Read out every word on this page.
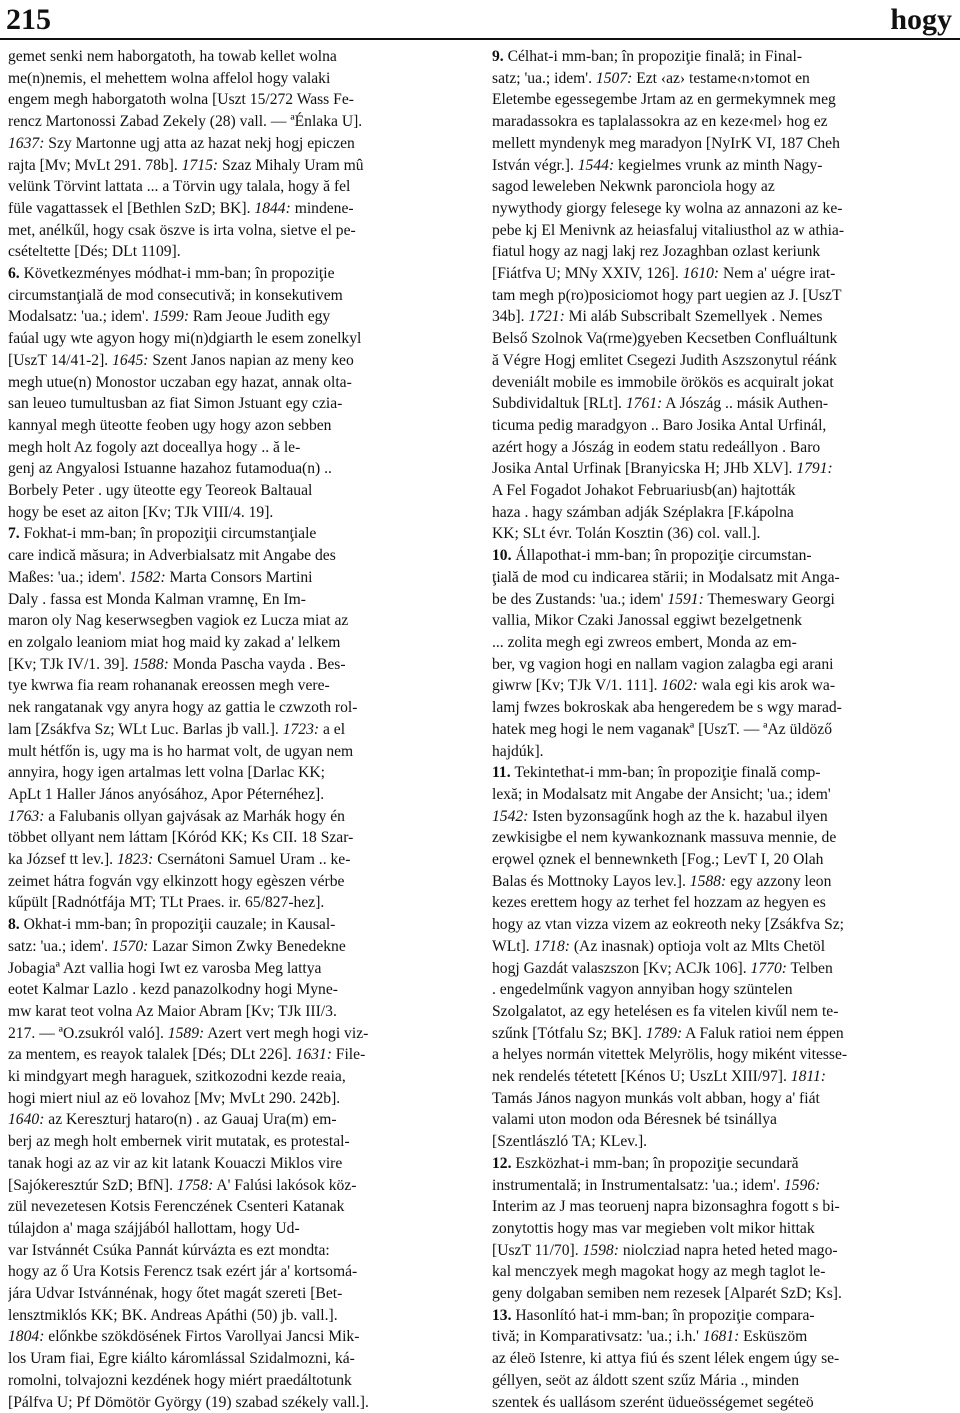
215	hogy
gemet senki nem haborgatoth, ha towab kellet wolna
me(n)nemis, el mehettem wolna affelol hogy valaki
engem megh haborgatoth wolna [Uszt 15/272 Wass Fe-
rencz Martonossi Zabad Zekely (28) vall. — ªÉnlaka U].
1637: Szy Martonne ugj atta az hazat nekj hogj epiczen
rajta [Mv; MvLt 291. 78b]. 1715: Szaz Mihaly Uram mû
velünk Törvint lattata ... a Törvin ugy talala, hogy ă fel
füle vagattassek el [Bethlen SzD; BK]. 1844: mindene-
met, anélkűl, hogy csak öszve is irta volna, sietve el pe-
csételtette [Dés; DLt 1109].
6. Következményes módhat-i mm-ban; în propoziţie
circumstanţială de mod consecutivă; in konsekutivem
Modalsatz: 'ua.; idem'. 1599: Ram Jeoue Judith egy
faúal ugy wte agyon hogy mi(n)dgiarth le esem zonelkyl
[UszT 14/41-2]. 1645: Szent Janos napian az meny keo
megh utue(n) Monostor uczaban egy hazat, annak olta-
san leueo tumultusban az fiat Simon Jstuant egy czia-
kannyal megh üteotte feoben ugy hogy azon sebben
megh holt Az fogoly azt doceallya hogy .. ă le-
genj az Angyalosi Istuanne hazahoz futamodua(n) ..
Borbely Peter . ugy üteotte egy Teoreok Baltaual
hogy be eset az aiton [Kv; TJk VIII/4. 19].
7. Fokhat-i mm-ban; în propoziţii circumstanţiale
care indică măsura; in Adverbialsatz mit Angabe des
Maßes: 'ua.; idem'. 1582: Marta Consors Martini
Daly . fassa est Monda Kalman vramnę, En Im-
maron oly Nag keserwsegben vagiok ez Lucza miat az
en zolgalo leaniom miat hog maid ky zakad a' lelkem
[Kv; TJk IV/1. 39]. 1588: Monda Pascha vayda . Bes-
tye kwrwa fia ream rohananak ereossen megh vere-
nek rangatanak vgy anyra hogy az gattia le czwzoth rol-
lam [Zsákfva Sz; WLt Luc. Barlas jb vall.]. 1723: a el
mult hétfőn is, ugy ma is ho harmat volt, de ugyan nem
annyira, hogy igen artalmas lett volna [Darlac KK;
ApLt 1 Haller János anyósához, Apor Péternéhez].
1763: a Falubanis ollyan gajvásak az Marhák hogy én
többet ollyant nem láttam [Kóród KK; Ks CII. 18 Szar-
ka József tt lev.]. 1823: Csernátoni Samuel Uram .. ke-
zeimet hátra fogván vgy elkinzott hogy egèszen vérbe
kűpült [Radnótfája MT; TLt Praes. ir. 65/827-hez].
8. Okhat-i mm-ban; în propoziţii cauzale; in Kausal-
satz: 'ua.; idem'. 1570: Lazar Simon Zwky Benedekne
Jobagiaª Azt vallia hogi Iwt ez varosba Meg lattya
eotet Kalmar Lazlo . kezd panazolkodny hogi Myne-
mw karat teot volna Az Maior Abram [Kv; TJk III/3.
217. — ªO.zsukról való]. 1589: Azert vert megh hogi viz-
za mentem, es reayok talalek [Dés; DLt 226]. 1631: File-
ki mindgyart megh haraguek, szitkozodni kezde reaia,
hogi miert niul az eö lovahoz [Mv; MvLt 290. 242b].
1640: az Kereszturj hataro(n) . az Gauaj Ura(m) em-
berj az megh holt embernek virit mutatak, es protestal-
tanak hogi az az vir az kit latank Kouaczi Miklos vire
[Sajókeresztúr SzD; BfN]. 1758: A' Falúsi lakósok köz-
zül nevezetesen Kotsis Ferenczének Csenteri Katanak
túlajdon a' maga szájjából hallottam, hogy Ud-
var Istvánnét Csúka Pannát kúrvázta es ezt mondta:
hogy az ő Ura Kotsis Ferencz tsak ezért jár a' kortsomá-
jára Udvar Istvánnénak, hogy őtet magát szereti [Bet-
lensztmiklós KK; BK. Andreas Apáthi (50) jb. vall.].
1804: előnkbe szökdösének Firtos Varollyai Jancsi Mik-
los Uram fiai, Egre kiálto káromlással Szidalmozni, ká-
romolni, tolvajozni kezdének hogy miért praedáltotunk
[Pálfva U; Pf Dömötör György (19) szabad székely vall.].
9. Célhat-i mm-ban; în propoziţie finală; in Final-
satz; 'ua.; idem'. 1507: Ezt ‹az› testame‹n›tomot en
Eletembe egessegembe Jrtam az en germekymnek meg
maradassokra es taplalassokra az en keze‹mel› hog ez
mellett myndenyk meg maradyon [NyIrK VI, 187 Cheh
István végr.]. 1544: kegielmes vrunk az minth Nagy-
sagod leweleben Nekwnk paronciola hogy az
nywythody giorgy felesege ky wolna az annazoni az ke-
pebe kj El Menivnk az heiasfaluj vitaliusthol az w athia-
fiatul hogy az nagj lakj rez Jozaghban ozlast keriunk
[Fiátfva U; MNy XXIV, 126]. 1610: Nem a' uégre irat-
tam megh p(ro)posiciomot hogy part uegien az J. [UszT
34b]. 1721: Mi aláb Subscribalt Szemellyek . Nemes
Belső Szolnok Va(rme)gyeben Kecsetben Confluáltunk
ă Végre Hogj emlitet Csegezi Judith Aszszonytul réánk
deveniált mobile es immobile örökös es acquiralt jokat
Subdividaltuk [RLt]. 1761: A Jószág .. másik Authen-
ticuma pedig maradgyon .. Baro Josika Antal Urfinál,
azért hogy a Jószág in eodem statu redeállyon . Baro
Josika Antal Urfinak [Branyicska H; JHb XLV]. 1791:
A Fel Fogadot Johakot Februariusb(an) hajtották
haza . hagy számban adják Széplakra [F.kápolna
KK; SLt évr. Tolán Kosztin (36) col. vall.].
10. Állapothat-i mm-ban; în propoziţie circumstan-
ţială de mod cu indicarea stării; in Modalsatz mit Anga-
be des Zustands: 'ua.; idem' 1591: Themeswary Georgi
vallia, Mikor Czaki Janossal eggiwt bezelgetnenk
... zolita megh egi zwreos embert, Monda az em-
ber, vg vagion hogi en nallam vagion zalagba egi arani
giwrw [Kv; TJk V/1. 111]. 1602: wala egi kis arok wa-
lamj fwzes bokroskak aba hengeredem be s wgy marad-
hatek meg hogi le nem vaganakª [UszT. — ªAz üldöző
hajdúk].
11. Tekintethat-i mm-ban; în propoziţie finală comp-
lexă; in Modalsatz mit Angabe der Ansicht; 'ua.; idem'
1542: Isten byzonsagűnk hogh az the k. hazabul ilyen
zewkisigbe el nem kywankoznank massuva mennie, de
erǫwel ǫznek el bennewnketh [Fog.; LevT I, 20 Olah
Balas és Mottnoky Layos lev.]. 1588: egy azzony leon
kezes erettem hogy az terhet fel hozzam az hegyen es
hogy az vtan vizza vizem az eokreoth neky [Zsákfva Sz;
WLt]. 1718: (Az inasnak) optioja volt az Mlts Chetöl
hogj Gazdát valaszszon [Kv; ACJk 106]. 1770: Telben
. engedelműnk vagyon annyiban hogy szüntelen
Szolgalatot, az egy hetelésen es fa vitelen kivűl nem te-
szűnk [Tótfalu Sz; BK]. 1789: A Faluk ratioi nem éppen
a helyes normán vitettek Melyrölis, hogy miként vitesse-
nek rendelés tétetett [Kénos U; UszLt XIII/97]. 1811:
Tamás János nagyon munkás volt abban, hogy a' fiát
valami uton modon oda Béresnek bé tsinállya
[Szentlászló TA; KLev.].
12. Eszközhat-i mm-ban; în propoziţie secundară
instrumentală; in Instrumentalsatz: 'ua.; idem'. 1596:
Interim az J mas teoruenj napra bizonsaghra fogott s bi-
zonytottis hogy mas var megieben volt mikor hittak
[UszT 11/70]. 1598: niolcziad napra heted heted mago-
kal menczyek megh magokat hogy az megh taglot le-
geny dolgaban semiben nem rezesek [Alparét SzD; Ks].
13. Hasonlító hat-i mm-ban; în propoziţie compara-
tivă; in Komparativsatz: 'ua.; i.h.' 1681: Esküszöm
az éleö Istenre, ki attya fiú és szent lélek engem úgy se-
géllyen, seöt az áldott szent szűz Mária ., minden
szentek és uallásom szerént üdueösségemet segéteö
